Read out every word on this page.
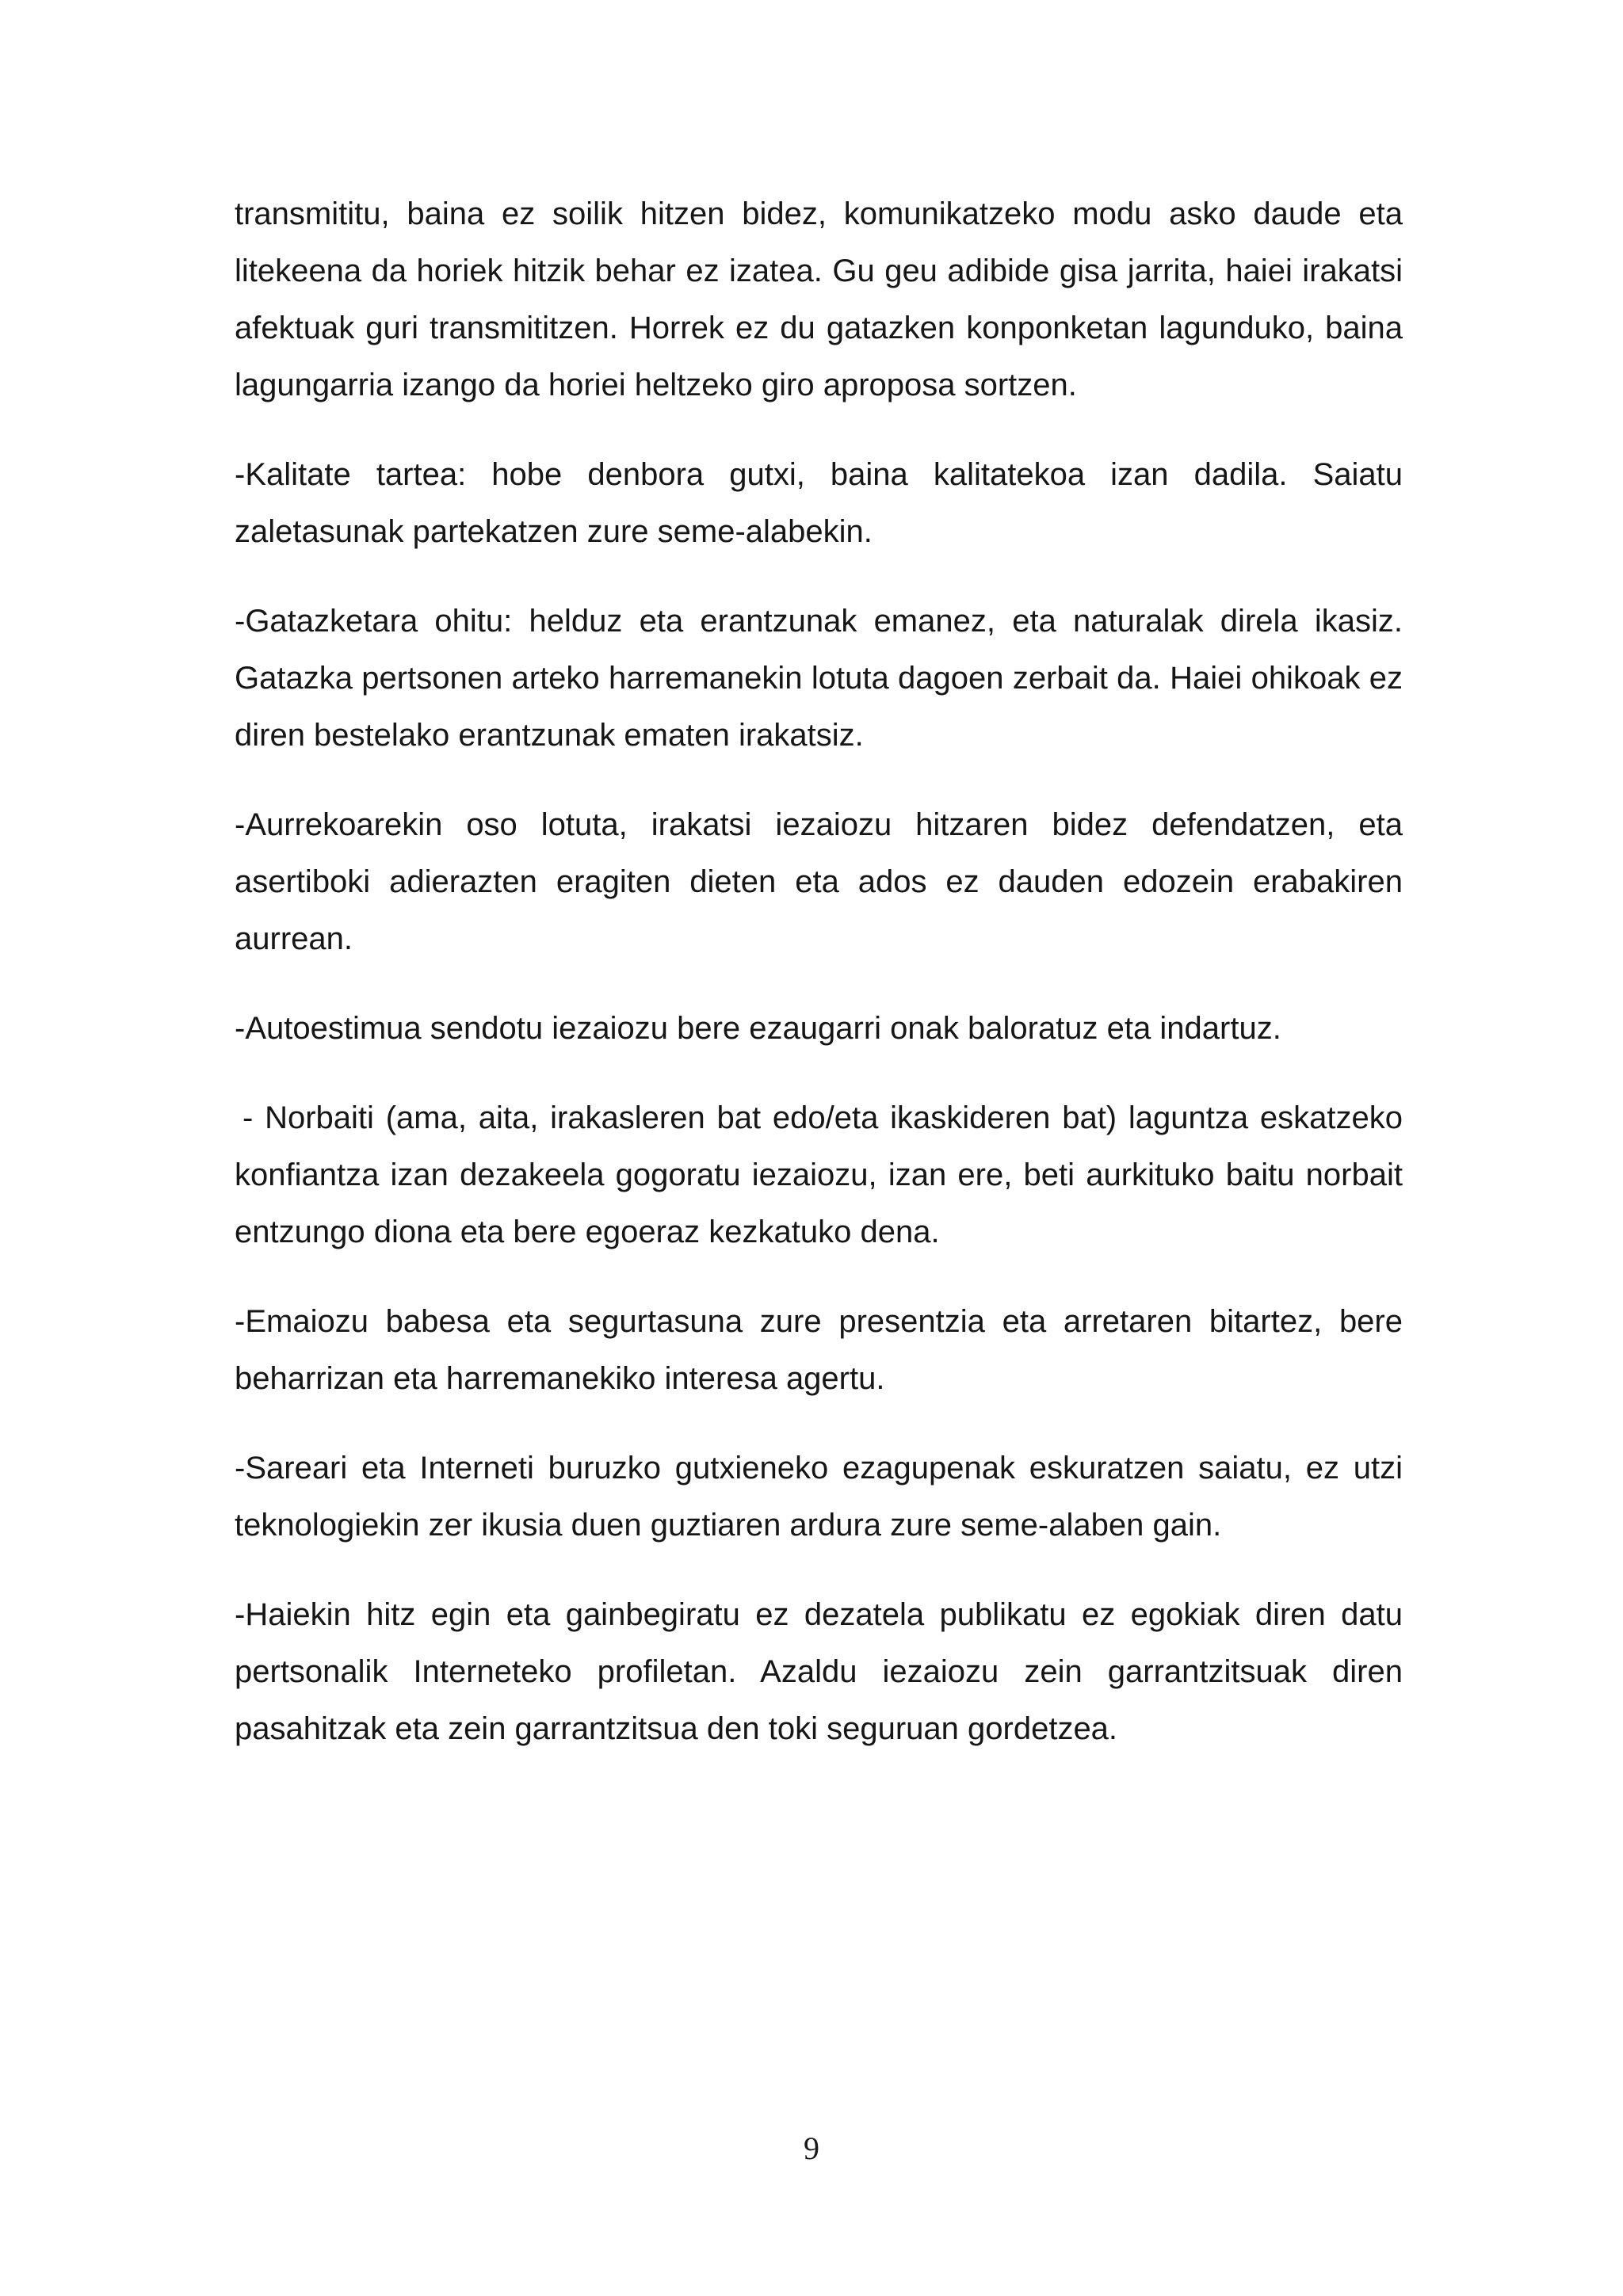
transmititu, baina ez soilik hitzen bidez, komunikatzeko modu asko daude eta litekeena da horiek hitzik behar ez izatea. Gu geu adibide gisa jarrita, haiei irakatsi afektuak guri transmititzen. Horrek ez du gatazken konponketan lagunduko, baina lagungarria izango da horiei heltzeko giro aproposa sortzen.

-Kalitate tartea: hobe denbora gutxi, baina kalitatekoa izan dadila. Saiatu zaletasunak partekatzen zure seme-alabekin.

-Gatazketara ohitu: helduz eta erantzunak emanez, eta naturalak direla ikasiz. Gatazka pertsonen arteko harremanekin lotuta dagoen zerbait da. Haiei ohikoak ez diren bestelako erantzunak ematen irakatsiz.

-Aurrekoarekin oso lotuta, irakatsi iezaiozu hitzaren bidez defendatzen, eta asertiboki adierazten eragiten dieten eta ados ez dauden edozein erabakiren aurrean.

-Autoestimua sendotu iezaiozu bere ezaugarri onak baloratuz eta indartuz.

- Norbaiti (ama, aita, irakasleren bat edo/eta ikaskideren bat) laguntza eskatzeko konfiantza izan dezakeela gogoratu iezaiozu, izan ere, beti aurkituko baitu norbait entzungo diona eta bere egoeraz kezkatuko dena.

-Emaiozu babesa eta segurtasuna zure presentzia eta arretaren bitartez, bere beharrizan eta harremanekiko interesa agertu.

-Sareari eta Interneti buruzko gutxieneko ezagupenak eskuratzen saiatu, ez utzi teknologiekin zer ikusia duen guztiaren ardura zure seme-alaben gain.

-Haiekin hitz egin eta gainbegiratu ez dezatela publikatu ez egokiak diren datu pertsonalik Interneteko profiletan. Azaldu iezaiozu zein garrantzitsuak diren pasahitzak eta zein garrantzitsua den toki seguruan gordetzea.

9
